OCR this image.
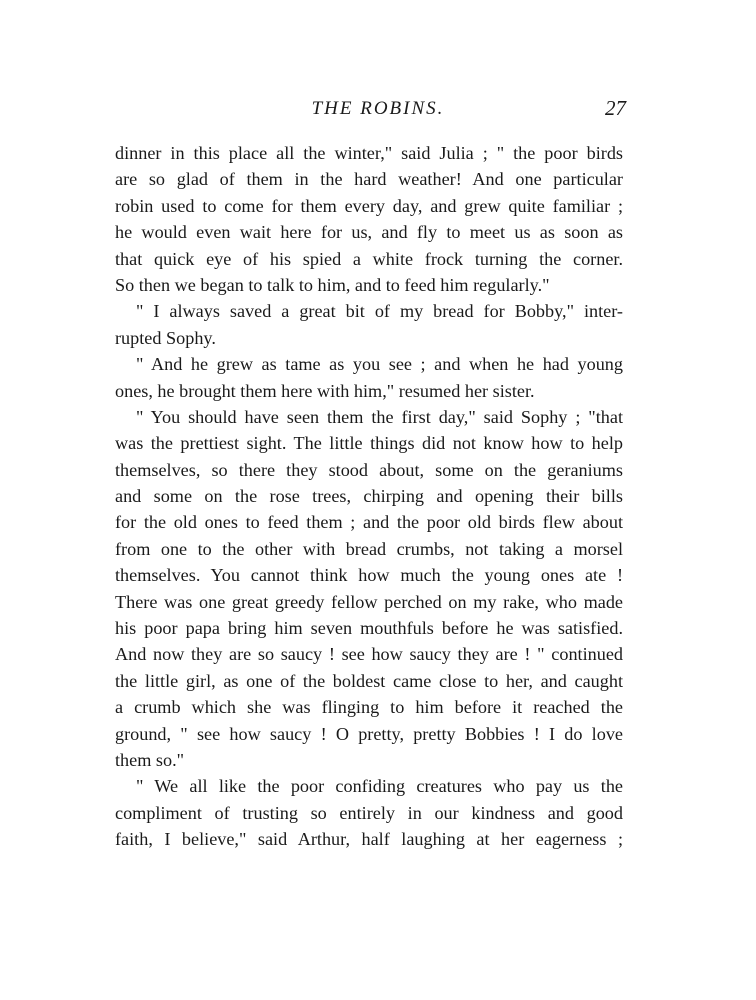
THE ROBINS.	27
dinner in this place all the winter," said Julia ; " the poor birds
are so glad of them in the hard weather! And one particular
robin used to come for them every day, and grew quite familiar ;
he would even wait here for us, and fly to meet us as soon as
that quick eye of his spied a white frock turning the corner.
So then we began to talk to him, and to feed him regularly."
" I always saved a great bit of my bread for Bobby," inter-
rupted Sophy.
" And he grew as tame as you see ; and when he had young
ones, he brought them here with him," resumed her sister.
" You should have seen them the first day," said Sophy ; "that
was the prettiest sight. The little things did not know how to help
themselves, so there they stood about, some on the geraniums
and some on the rose trees, chirping and opening their bills
for the old ones to feed them ; and the poor old birds flew about
from one to the other with bread crumbs, not taking a morsel
themselves. You cannot think how much the young ones ate !
There was one great greedy fellow perched on my rake, who made
his poor papa bring him seven mouthfuls before he was satisfied.
And now they are so saucy ! see how saucy they are ! " continued
the little girl, as one of the boldest came close to her, and caught
a crumb which she was flinging to him before it reached the
ground, " see how saucy ! O pretty, pretty Bobbies ! I do love
them so."
" We all like the poor confiding creatures who pay us the
compliment of trusting so entirely in our kindness and good
faith, I believe," said Arthur, half laughing at her eagerness ;
